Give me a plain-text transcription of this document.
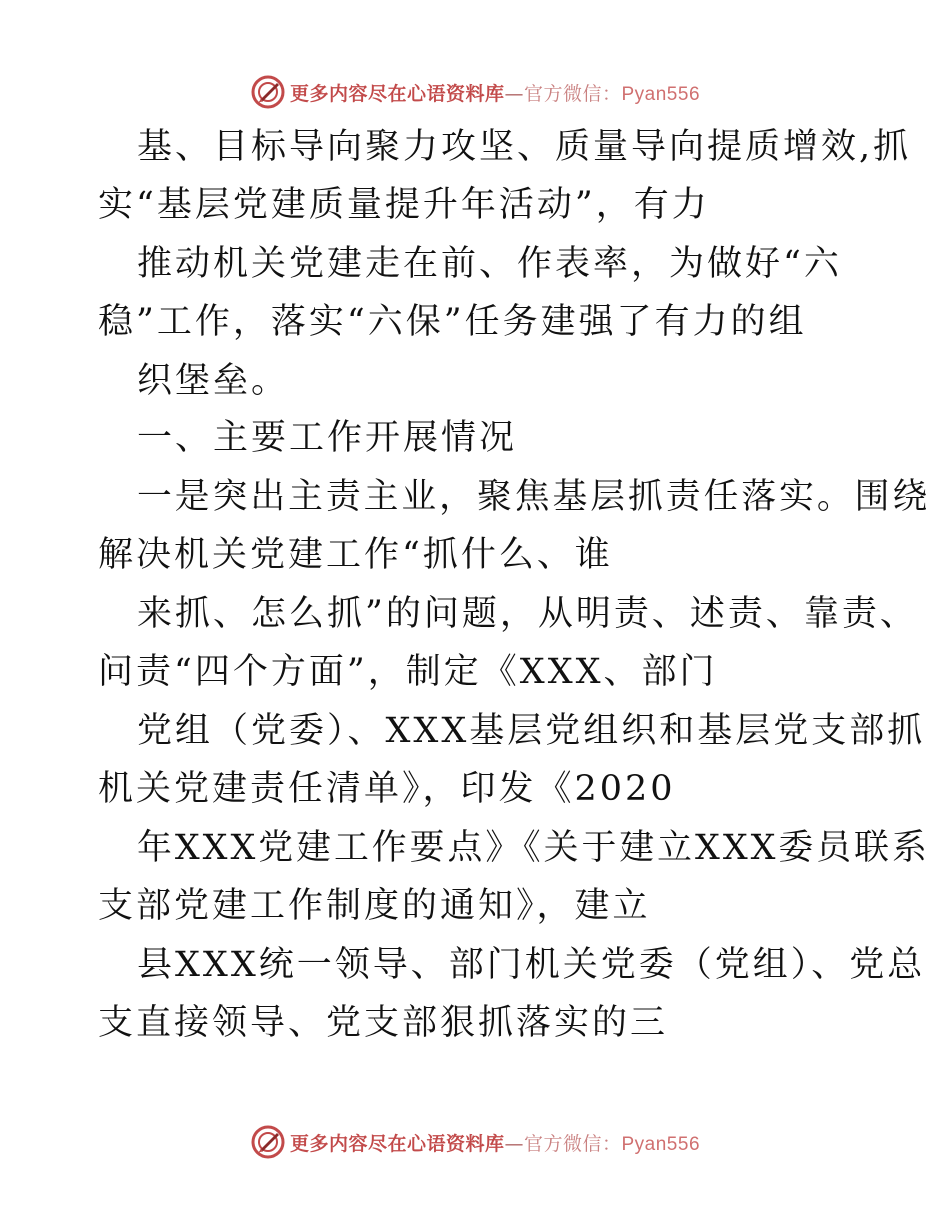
更多内容尽在心语资料库—官方微信：Pyan556
基、目标导向聚力攻坚、质量导向提质增效,抓
实“基层党建质量提升年活动”，有力
推动机关党建走在前、作表率，为做好“六
稳”工作，落实“六保”任务建强了有力的组
织堡垒。
一、主要工作开展情况
一是突出主责主业，聚焦基层抓责任落实。围绕
解决机关党建工作“抓什么、谁
来抓、怎么抓”的问题，从明责、述责、靠责、
问责“四个方面”，制定《XXX、部门
党组（党委）、XXX基层党组织和基层党支部抓
机关党建责任清单》，印发《2020
年XXX党建工作要点》《关于建立XXX委员联系
支部党建工作制度的通知》，建立
县XXX统一领导、部门机关党委（党组）、党总
支直接领导、党支部狠抓落实的三
更多内容尽在心语资料库—官方微信：Pyan556
